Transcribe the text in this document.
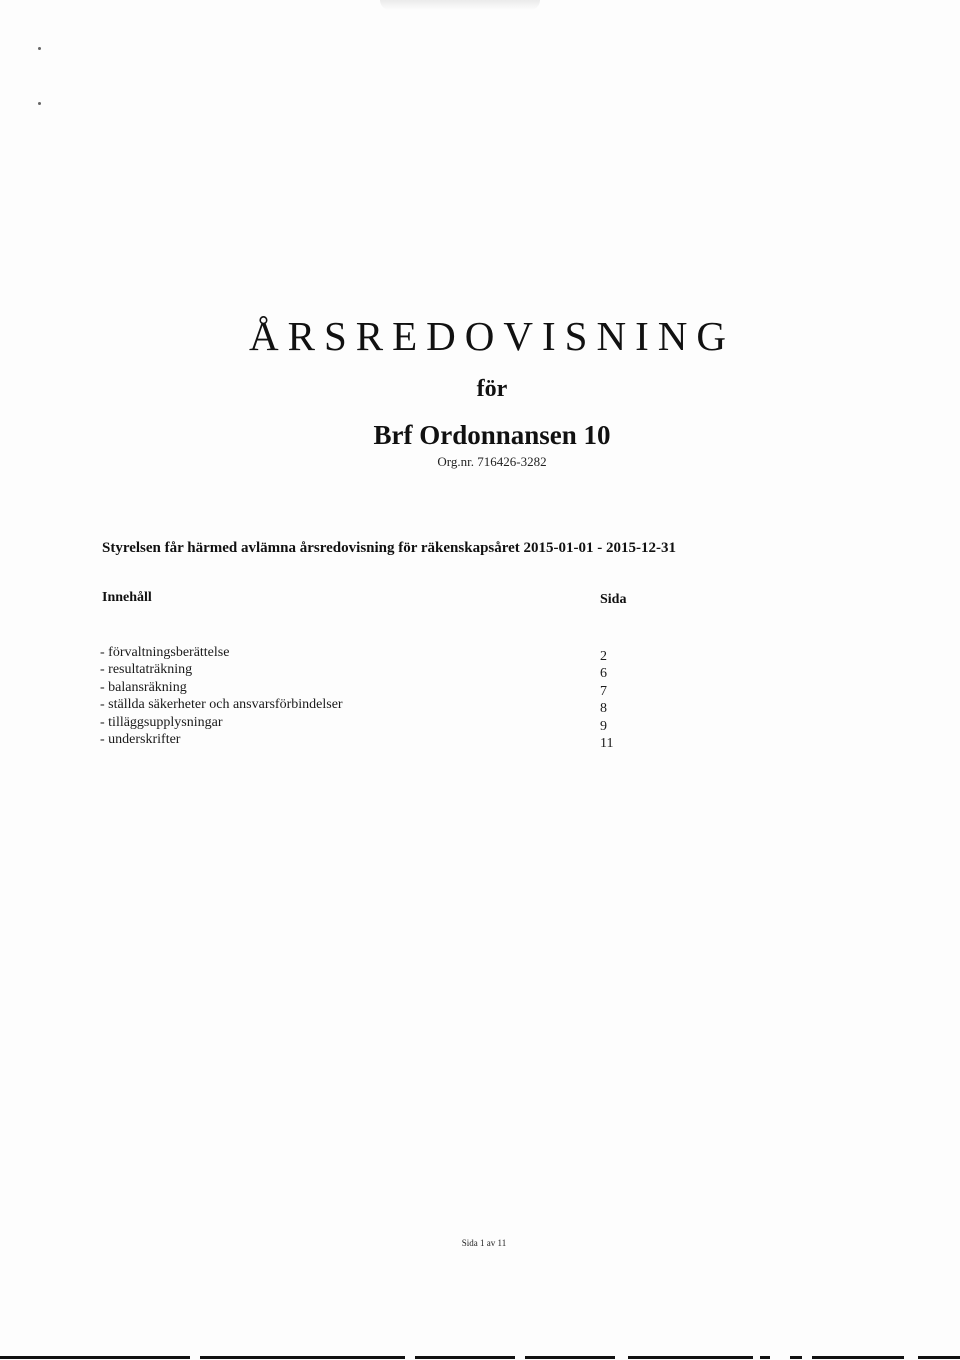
ÅRSREDOVISNING
för
Brf Ordonnansen 10
Org.nr. 716426-3282
Styrelsen får härmed avlämna årsredovisning för räkenskapsåret 2015-01-01 - 2015-12-31
Innehåll	Sida
- förvaltningsberättelse	2
- resultaträkning	6
- balansräkning	7
- ställda säkerheter och ansvarsförbindelser	8
- tilläggsupplysningar	9
- underskrifter	11
Sida 1 av 11
